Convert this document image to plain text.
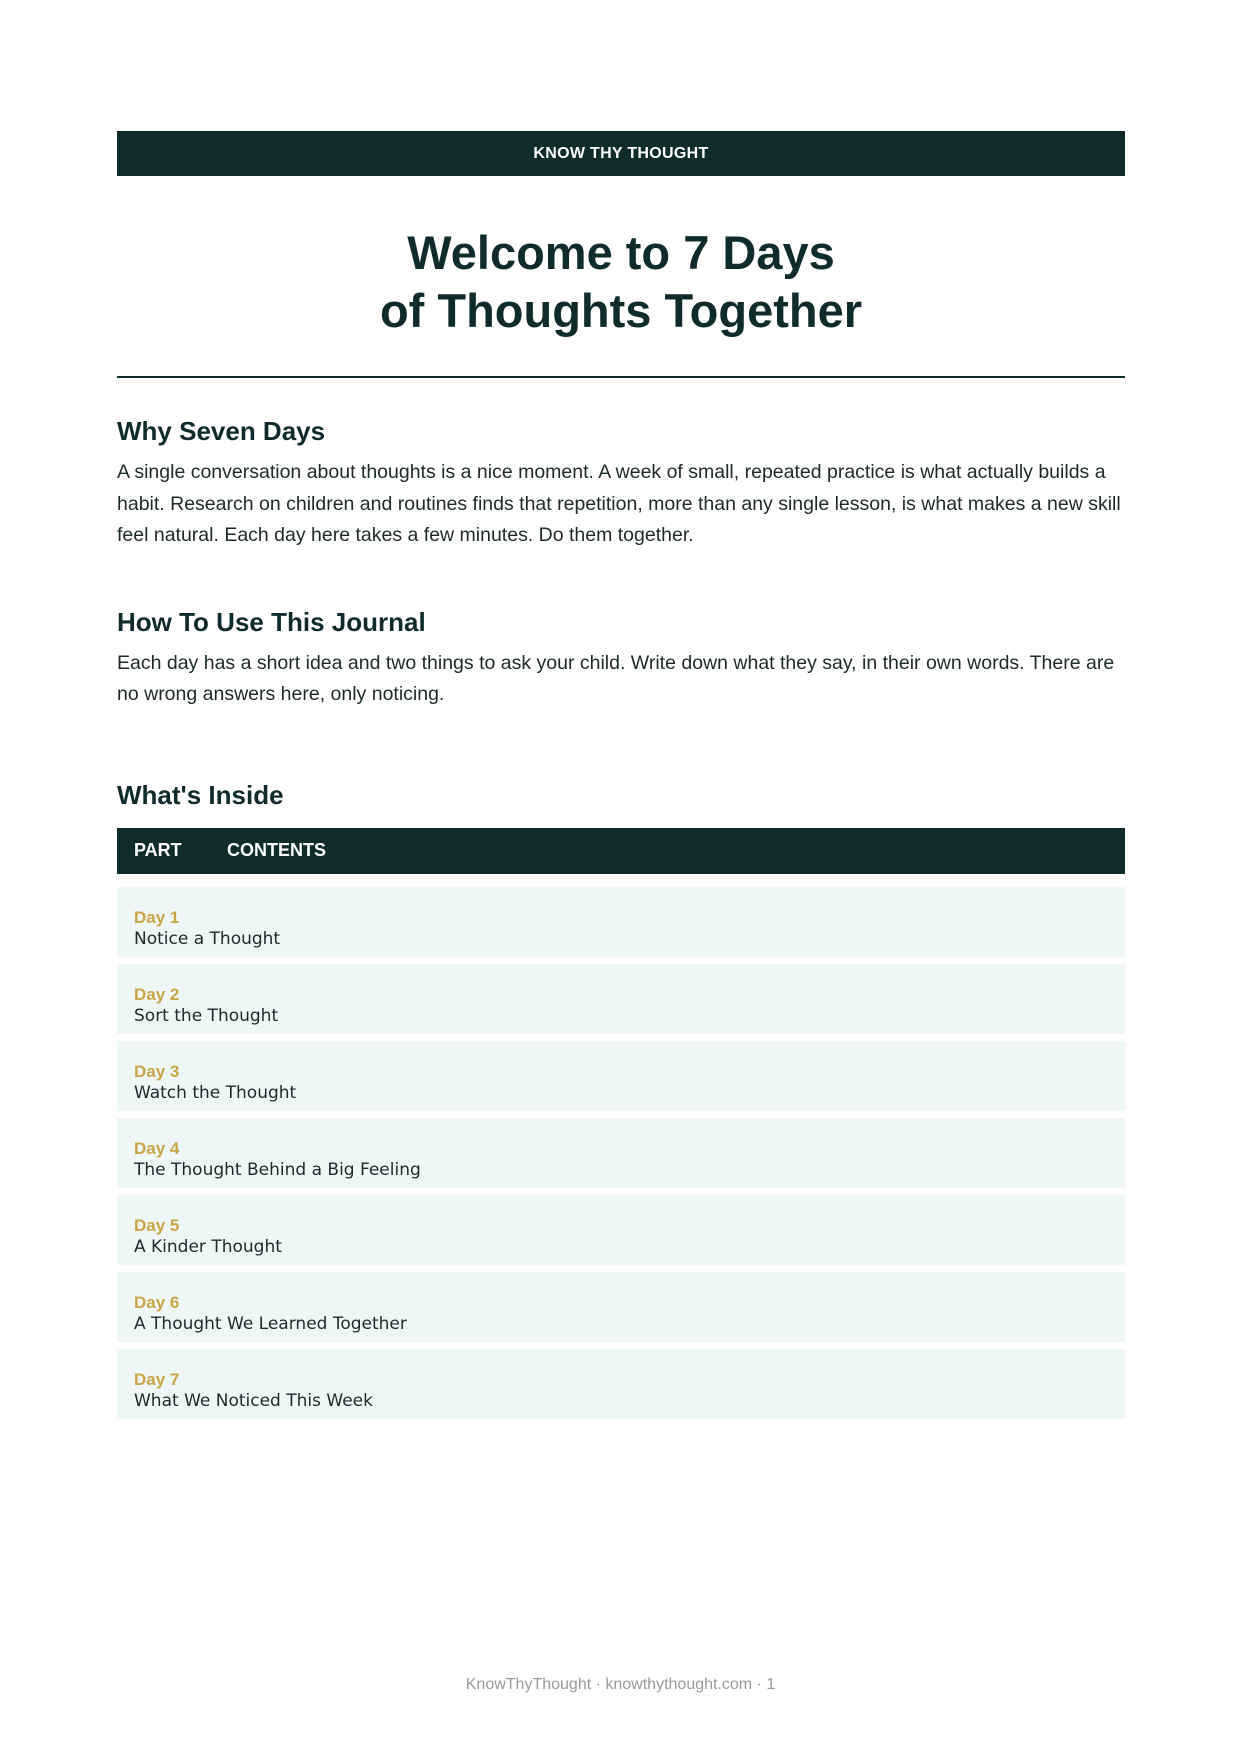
KNOW THY THOUGHT
Welcome to 7 Days
of Thoughts Together
Why Seven Days

A single conversation about thoughts is a nice moment. A week of small, repeated practice is what actually builds a habit. Research on children and routines finds that repetition, more than any single lesson, is what makes a new skill feel natural. Each day here takes a few minutes. Do them together.

How To Use This Journal

Each day has a short idea and two things to ask your child. Write down what they say, in their own words. There are no wrong answers here, only noticing.

What's Inside
PART	CONTENTS
Day 1
Notice a Thought
Day 2
Sort the Thought
Day 3
Watch the Thought
Day 4
The Thought Behind a Big Feeling
Day 5
A Kinder Thought
Day 6
A Thought We Learned Together
Day 7
What We Noticed This Week
KnowThyThought · knowthythought.com · 1
